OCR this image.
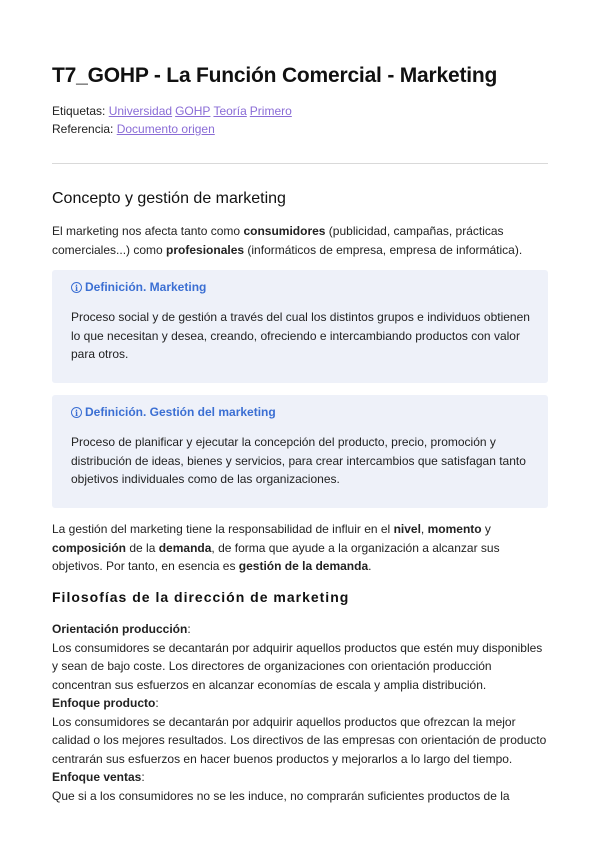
T7_GOHP - La Función Comercial - Marketing
Etiquetas: Universidad GOHP Teoría Primero
Referencia: Documento origen
Concepto y gestión de marketing

El marketing nos afecta tanto como consumidores (publicidad, campañas, prácticas comerciales...) como profesionales (informáticos de empresa, empresa de informática).

i Definición. Marketing

Proceso social y de gestión a través del cual los distintos grupos e individuos obtienen lo que necesitan y desea, creando, ofreciendo e intercambiando productos con valor para otros.

i Definición. Gestión del marketing

Proceso de planificar y ejecutar la concepción del producto, precio, promoción y distribución de ideas, bienes y servicios, para crear intercambios que satisfagan tanto objetivos individuales como de las organizaciones.

La gestión del marketing tiene la responsabilidad de influir en el nivel, momento y composición de la demanda, de forma que ayude a la organización a alcanzar sus objetivos. Por tanto, en esencia es gestión de la demanda.

Filosofías de la dirección de marketing

Orientación producción:

Los consumidores se decantarán por adquirir aquellos productos que estén muy disponibles y sean de bajo coste. Los directores de organizaciones con orientación producción concentran sus esfuerzos en alcanzar economías de escala y amplia distribución.

Enfoque producto:

Los consumidores se decantarán por adquirir aquellos productos que ofrezcan la mejor calidad o los mejores resultados. Los directivos de las empresas con orientación de producto centrarán sus esfuerzos en hacer buenos productos y mejorarlos a lo largo del tiempo.

Enfoque ventas:

Que si a los consumidores no se les induce, no comprarán suficientes productos de la
